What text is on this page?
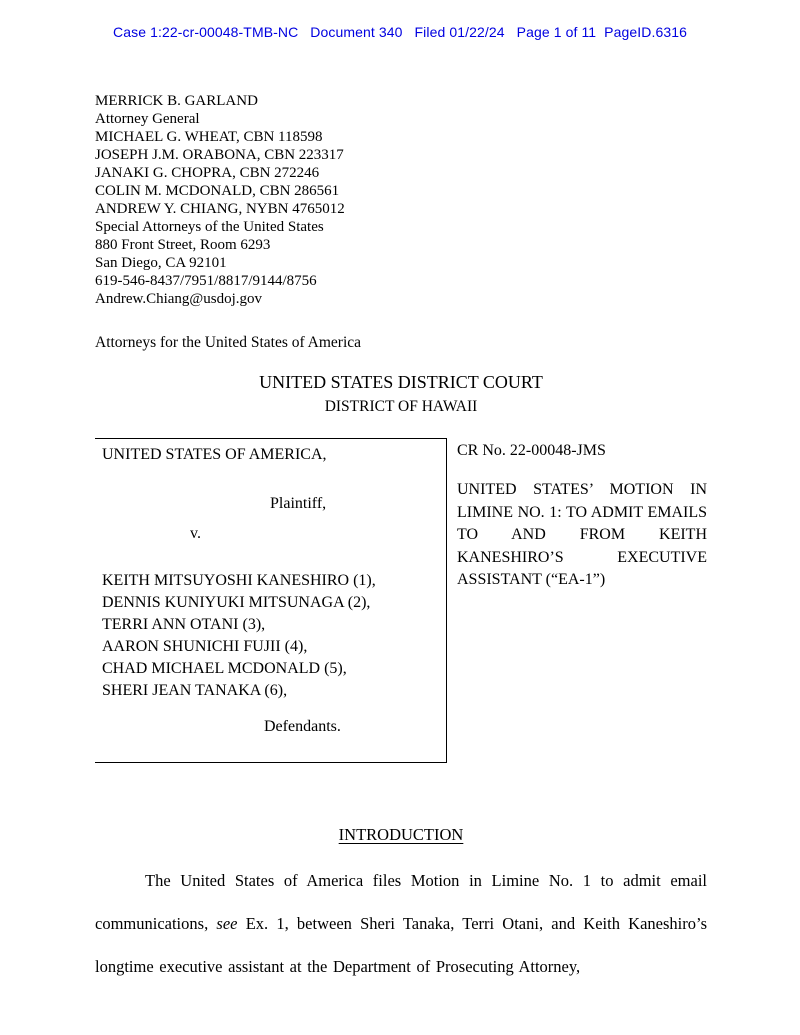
Case 1:22-cr-00048-TMB-NC   Document 340   Filed 01/22/24   Page 1 of 11  PageID.6316
MERRICK B. GARLAND
Attorney General
MICHAEL G. WHEAT, CBN 118598
JOSEPH J.M. ORABONA, CBN 223317
JANAKI G. CHOPRA, CBN 272246
COLIN M. MCDONALD, CBN 286561
ANDREW Y. CHIANG, NYBN 4765012
Special Attorneys of the United States
880 Front Street, Room 6293
San Diego, CA 92101
619-546-8437/7951/8817/9144/8756
Andrew.Chiang@usdoj.gov
Attorneys for the United States of America
UNITED STATES DISTRICT COURT
DISTRICT OF HAWAII
UNITED STATES OF AMERICA,
Plaintiff,
v.
KEITH MITSUYOSHI KANESHIRO (1),
DENNIS KUNIYUKI MITSUNAGA (2),
TERRI ANN OTANI (3),
AARON SHUNICHI FUJII (4),
CHAD MICHAEL MCDONALD (5),
SHERI JEAN TANAKA (6),
Defendants.
CR No. 22-00048-JMS
UNITED STATES’ MOTION IN LIMINE NO. 1: TO ADMIT EMAILS TO AND FROM KEITH KANESHIRO’S EXECUTIVE ASSISTANT (“EA-1”)
INTRODUCTION
The United States of America files Motion in Limine No. 1 to admit email communications, see Ex. 1, between Sheri Tanaka, Terri Otani, and Keith Kaneshiro’s longtime executive assistant at the Department of Prosecuting Attorney,
